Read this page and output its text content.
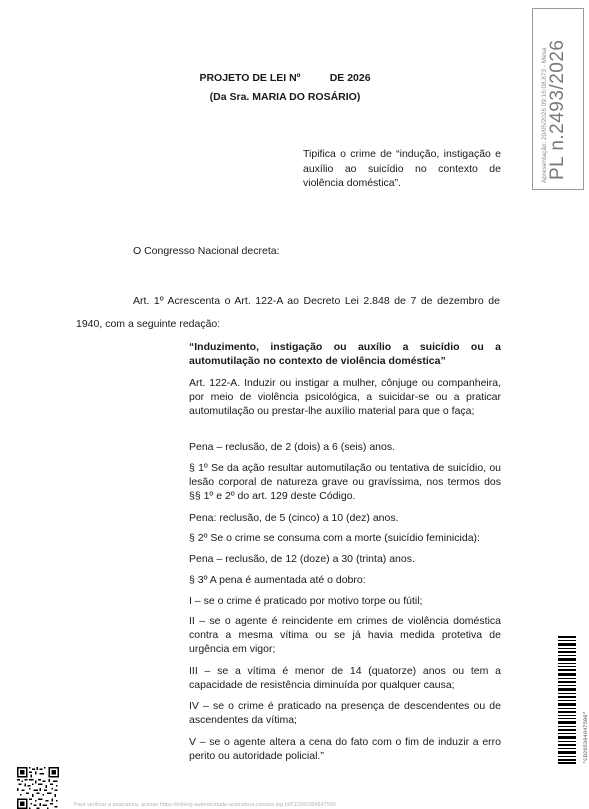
PROJETO DE LEI Nº          DE 2026
(Da Sra. MARIA DO ROSÁRIO)
Tipifica o crime de “indução, instigação e auxílio ao suicídio no contexto de violência doméstica”.
O Congresso Nacional decreta:
Art. 1º Acrescenta o Art. 122-A ao Decreto Lei 2.848 de 7 de dezembro de 1940, com a seguinte redação:
“Induzimento, instigação ou auxílio a suicídio ou a automutilação no contexto de violência doméstica”
Art. 122-A. Induzir ou instigar a mulher, cônjuge ou companheira, por meio de violência psicológica, a suicidar-se ou a praticar automutilação ou prestar-lhe auxílio material para que o faça;
Pena – reclusão, de 2 (dois) a 6 (seis) anos.
§ 1º Se da ação resultar automutilação ou tentativa de suicídio, ou lesão corporal de natureza grave ou gravíssima, nos termos dos §§ 1º e 2º do art. 129 deste Código.
Pena: reclusão, de 5 (cinco) a 10 (dez) anos.
§ 2º Se o crime se consuma com a morte (suicídio feminicida):
Pena – reclusão, de 12 (doze) a 30 (trinta) anos.
§ 3º A pena é aumentada até o dobro:
I – se o crime é praticado por motivo torpe ou fútil;
II – se o agente é reincidente em crimes de violência doméstica contra a mesma vítima ou se já havia medida protetiva de urgência em vigor;
III – se a vítima é menor de 14 (quatorze) anos ou tem a capacidade de resistência diminuída por qualquer causa;
IV – se o crime é praticado na presença de descendentes ou de ascendentes da vítima;
V – se o agente altera a cena do fato com o fim de induzir a erro perito ou autoridade policial.”
PL n.2493/2026
Apresentação: 20/05/2026 09:16:08.873 - Mesa
*CD265384847500*
Para verificar a assinatura, acesse https://infoleg-autenticidade-assinatura.camara.leg.br/CD265384847500
